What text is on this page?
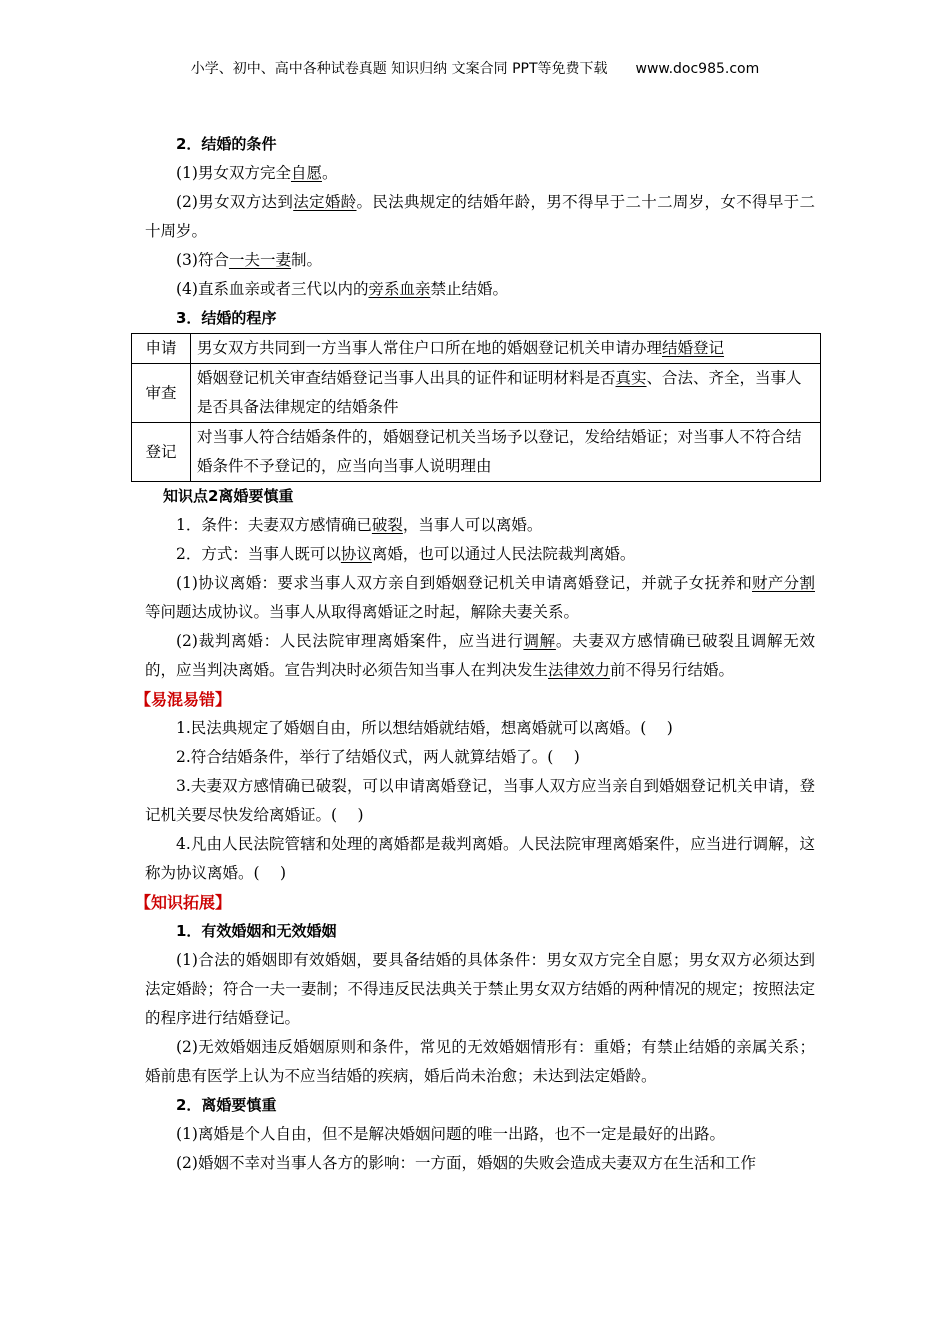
小学、初中、高中各种试卷真题 知识归纳 文案合同 PPT等免费下载 www.doc985.com

2．结婚的条件

(1)男女双方完全自愿。

(2)男女双方达到法定婚龄。民法典规定的结婚年龄，男不得早于二十二周岁，女不得早于二十周岁。

(3)符合一夫一妻制。

(4)直系血亲或者三代以内的旁系血亲禁止结婚。

3．结婚的程序

申请	男女双方共同到一方当事人常住户口所在地的婚姻登记机关申请办理结婚登记
审查	婚姻登记机关审查结婚登记当事人出具的证件和证明材料是否真实、合法、齐全，当事人是否具备法律规定的结婚条件
登记	对当事人符合结婚条件的，婚姻登记机关当场予以登记，发给结婚证；对当事人不符合结婚条件不予登记的，应当向当事人说明理由

知识点2离婚要慎重

1．条件：夫妻双方感情确已破裂，当事人可以离婚。

2．方式：当事人既可以协议离婚，也可以通过人民法院裁判离婚。

(1)协议离婚：要求当事人双方亲自到婚姻登记机关申请离婚登记，并就子女抚养和财产分割等问题达成协议。当事人从取得离婚证之时起，解除夫妻关系。

(2)裁判离婚：人民法院审理离婚案件，应当进行调解。夫妻双方感情确已破裂且调解无效的，应当判决离婚。宣告判决时必须告知当事人在判决发生法律效力前不得另行结婚。

【易混易错】

1.民法典规定了婚姻自由，所以想结婚就结婚，想离婚就可以离婚。(　 )

2.符合结婚条件，举行了结婚仪式，两人就算结婚了。(　 )

3.夫妻双方感情确已破裂，可以申请离婚登记，当事人双方应当亲自到婚姻登记机关申请，登记机关要尽快发给离婚证。(　 )

4.凡由人民法院管辖和处理的离婚都是裁判离婚。人民法院审理离婚案件，应当进行调解，这称为协议离婚。(　 )

【知识拓展】

1．有效婚姻和无效婚姻

(1)合法的婚姻即有效婚姻，要具备结婚的具体条件：男女双方完全自愿；男女双方必须达到法定婚龄；符合一夫一妻制；不得违反民法典关于禁止男女双方结婚的两种情况的规定；按照法定的程序进行结婚登记。

(2)无效婚姻违反婚姻原则和条件，常见的无效婚姻情形有：重婚；有禁止结婚的亲属关系；婚前患有医学上认为不应当结婚的疾病，婚后尚未治愈；未达到法定婚龄。

2．离婚要慎重

(1)离婚是个人自由，但不是解决婚姻问题的唯一出路，也不一定是最好的出路。

(2)婚姻不幸对当事人各方的影响：一方面，婚姻的失败会造成夫妻双方在生活和工作
